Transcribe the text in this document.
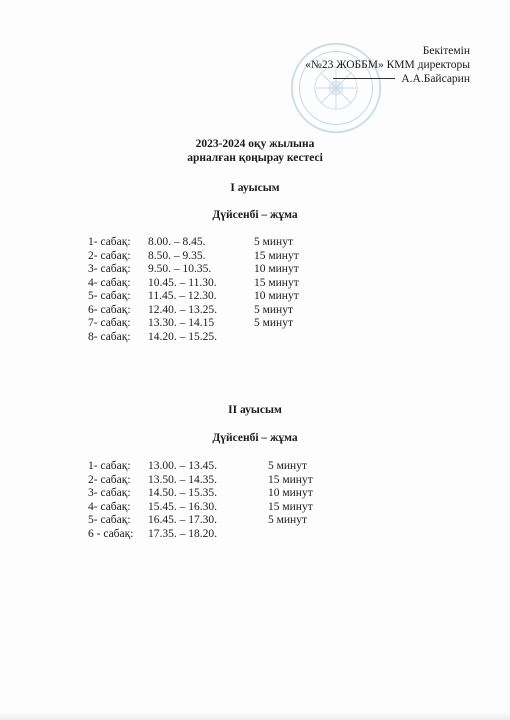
Бекітемін
«№23 ЖОББМ» КММ директоры
А.А.Байсарин
2023-2024 оқу жылына
арналған қоңырау кестесі
I ауысым
Дүйсенбі – жұма
1- сабақ: 8.00. – 8.45.	5 минут
2- сабақ: 8.50. – 9.35.	15 минут
3- сабақ: 9.50. – 10.35.	10 минут
4- сабақ: 10.45. – 11.30.	15 минут
5- сабақ: 11.45. – 12.30.	10 минут
6- сабақ: 12.40. – 13.25.	5 минут
7- сабақ: 13.30. – 14.15	5 минут
8- сабақ: 14.20. – 15.25.
II ауысым
Дүйсенбі – жұма
1- сабақ: 13.00. – 13.45.	5 минут
2- сабақ: 13.50. – 14.35.	15 минут
3- сабақ: 14.50. – 15.35.	10 минут
4- сабақ: 15.45. – 16.30.	15 минут
5- сабақ: 16.45. – 17.30.	5 минут
6 - сабақ: 17.35. – 18.20.
